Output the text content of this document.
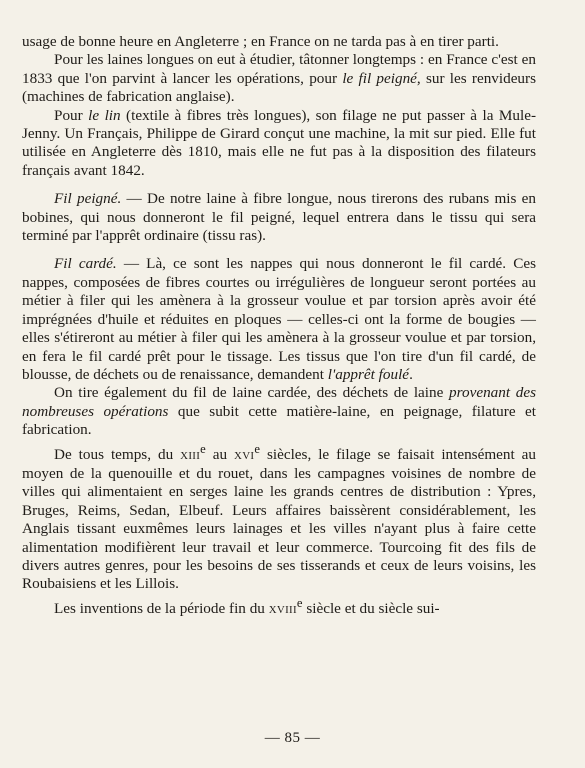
usage de bonne heure en Angleterre ; en France on ne tarda pas à en tirer parti.

Pour les laines longues on eut à étudier, tâtonner longtemps : en France c'est en 1833 que l'on parvint à lancer les opérations, pour le fil peigné, sur les renvideurs (machines de fabrication anglaise).

Pour le lin (textile à fibres très longues), son filage ne put passer à la Mule-Jenny. Un Français, Philippe de Girard conçut une machine, la mit sur pied. Elle fut utilisée en Angleterre dès 1810, mais elle ne fut pas à la disposition des filateurs français avant 1842.

Fil peigné. — De notre laine à fibre longue, nous tirerons des rubans mis en bobines, qui nous donneront le fil peigné, lequel entrera dans le tissu qui sera terminé par l'apprêt ordinaire (tissu ras).

Fil cardé. — Là, ce sont les nappes qui nous donneront le fil cardé. Ces nappes, composées de fibres courtes ou irrégulières de longueur seront portées au métier à filer qui les amènera à la grosseur voulue et par torsion après avoir été imprégnées d'huile et réduites en ploques — celles-ci ont la forme de bougies — elles s'étireront au métier à filer qui les amènera à la grosseur voulue et par torsion, en fera le fil cardé prêt pour le tissage. Les tissus que l'on tire d'un fil cardé, de blousse, de déchets ou de renaissance, demandent l'apprêt foulé.

On tire également du fil de laine cardée, des déchets de laine provenant des nombreuses opérations que subit cette matière-laine, en peignage, filature et fabrication.

De tous temps, du XIIIe au XVIe siècles, le filage se faisait intensément au moyen de la quenouille et du rouet, dans les campagnes voisines de nombre de villes qui alimentaient en serges laine les grands centres de distribution : Ypres, Bruges, Reims, Sedan, Elbeuf. Leurs affaires baissèrent considérablement, les Anglais tissant euxmêmes leurs lainages et les villes n'ayant plus à faire cette alimentation modifièrent leur travail et leur commerce. Tourcoing fit des fils de divers autres genres, pour les besoins de ses tisserands et ceux de leurs voisins, les Roubaisiens et les Lillois.

Les inventions de la période fin du XVIIIe siècle et du siècle sui-

— 85 —
